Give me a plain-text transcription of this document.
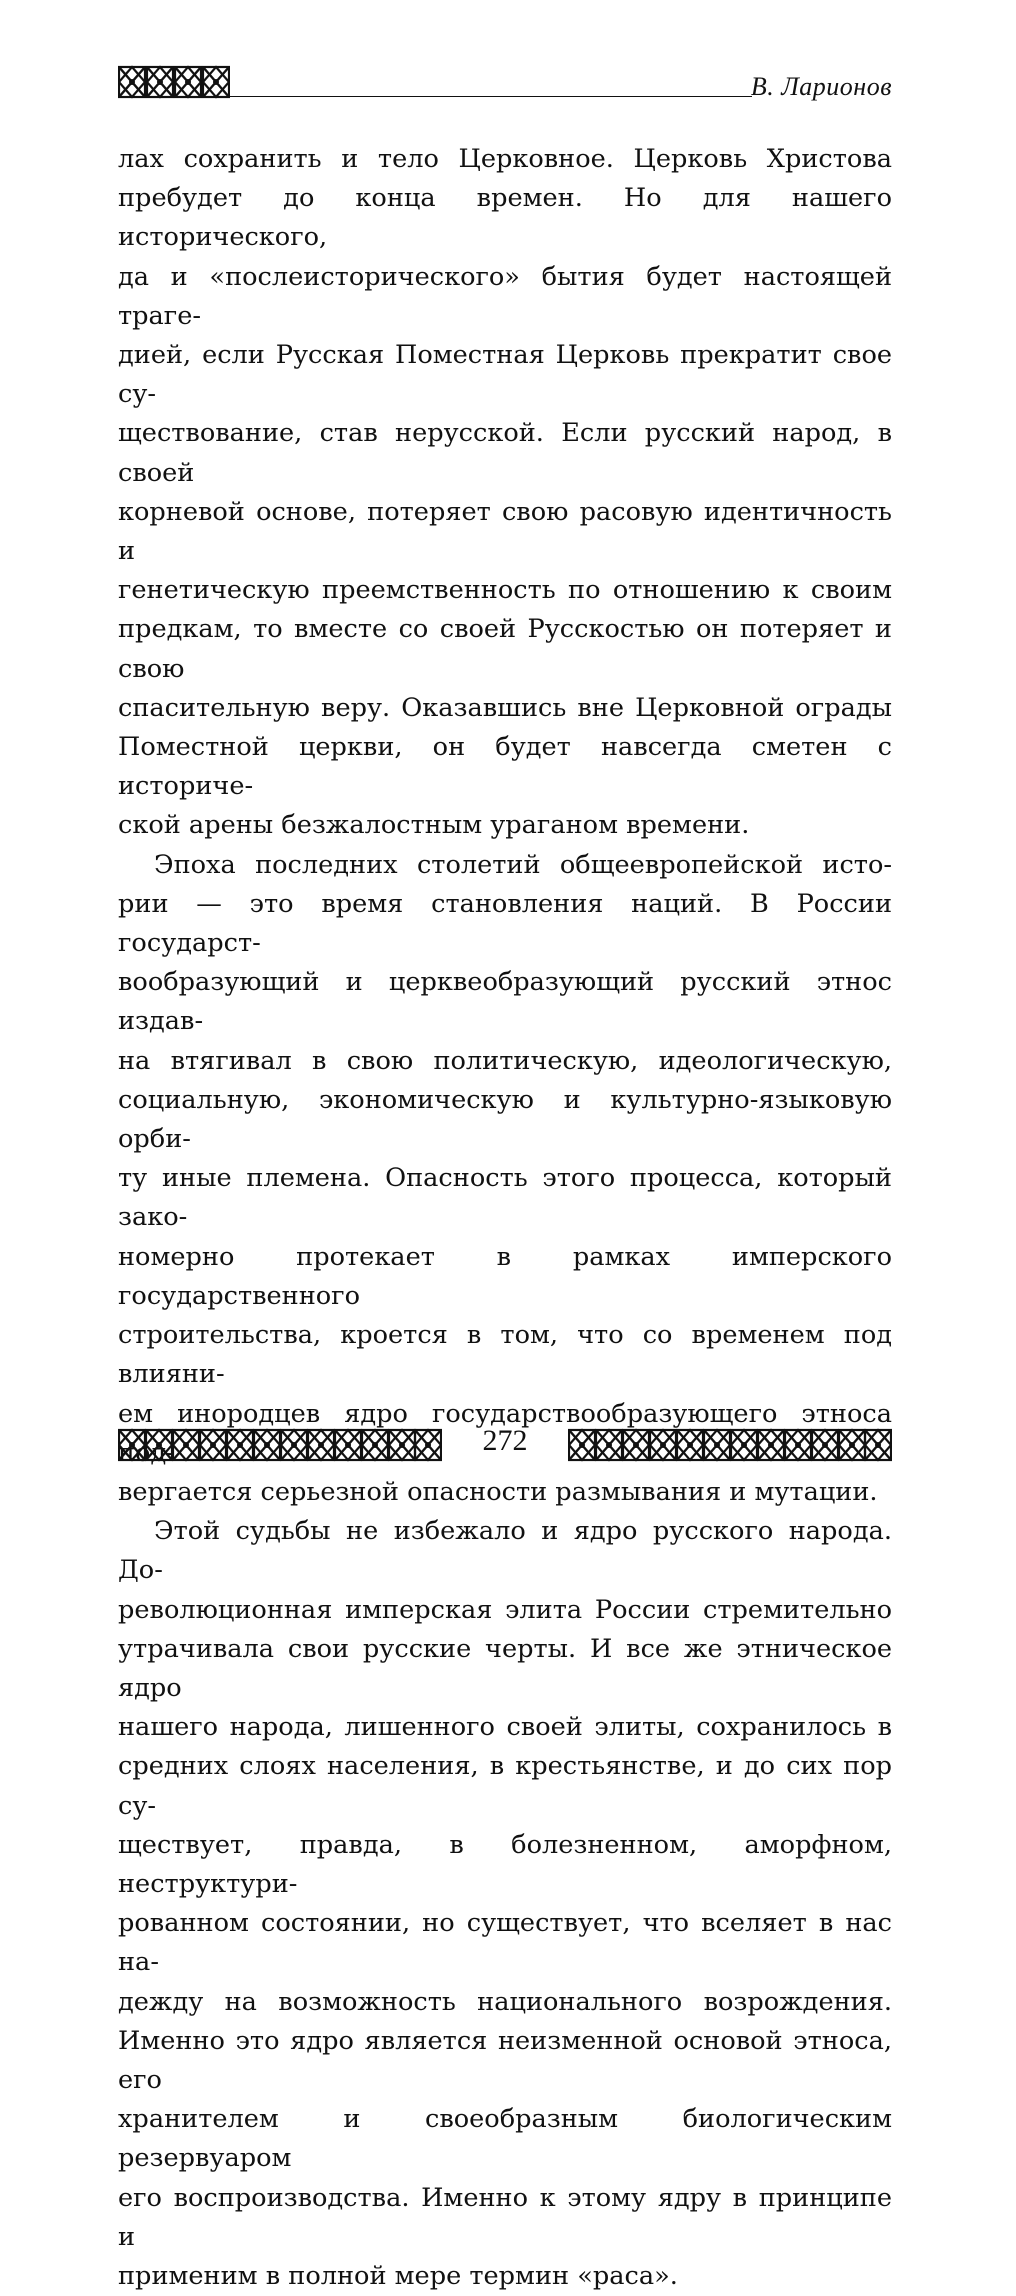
В. Ларионов

лах сохранить и тело Церковное. Церковь Христова
пребудет до конца времен. Но для нашего исторического,
да и «послеисторического» бытия будет настоящей траге-
дией, если Русская Поместная Церковь прекратит свое су-
ществование, став нерусской. Если русский народ, в своей
корневой основе, потеряет свою расовую идентичность и
генетическую преемственность по отношению к своим
предкам, то вместе со своей Русскостью он потеряет и свою
спасительную веру. Оказавшись вне Церковной ограды
Поместной церкви, он будет навсегда сметен с историче-
ской арены безжалостным ураганом времени.

Эпоха последних столетий общеевропейской исто-
рии — это время становления наций. В России государст-
вообразующий и церквеобразующий русский этнос издав-
на втягивал в свою политическую, идеологическую,
социальную, экономическую и культурно-языковую орби-
ту иные племена. Опасность этого процесса, который зако-
номерно протекает в рамках имперского государственного
строительства, кроется в том, что со временем под влияни-
ем инородцев ядро государствообразующего этноса
вергается серьезной опасности размывания и мутации.

Этой судьбы не избежало и ядро русского народа. До-
революционная имперская элита России стремительно
утрачивала свои русские черты. И все же этническое ядро
нашего народа, лишенного своей элиты, сохранилось в
средних слоях населения, в крестьянстве, и до сих пор су-
ществует, правда, в болезненном, аморфном, неструктури-
рованном состоянии, но существует, что вселяет в нас на-
дежду на возможность национального возрождения.
Именно это ядро является неизменной основой этноса, его
хранителем и своеобразным биологическим резервуаром
его воспроизводства. Именно к этому ядру в принципе и
применим в полной мере термин «раса».

272
